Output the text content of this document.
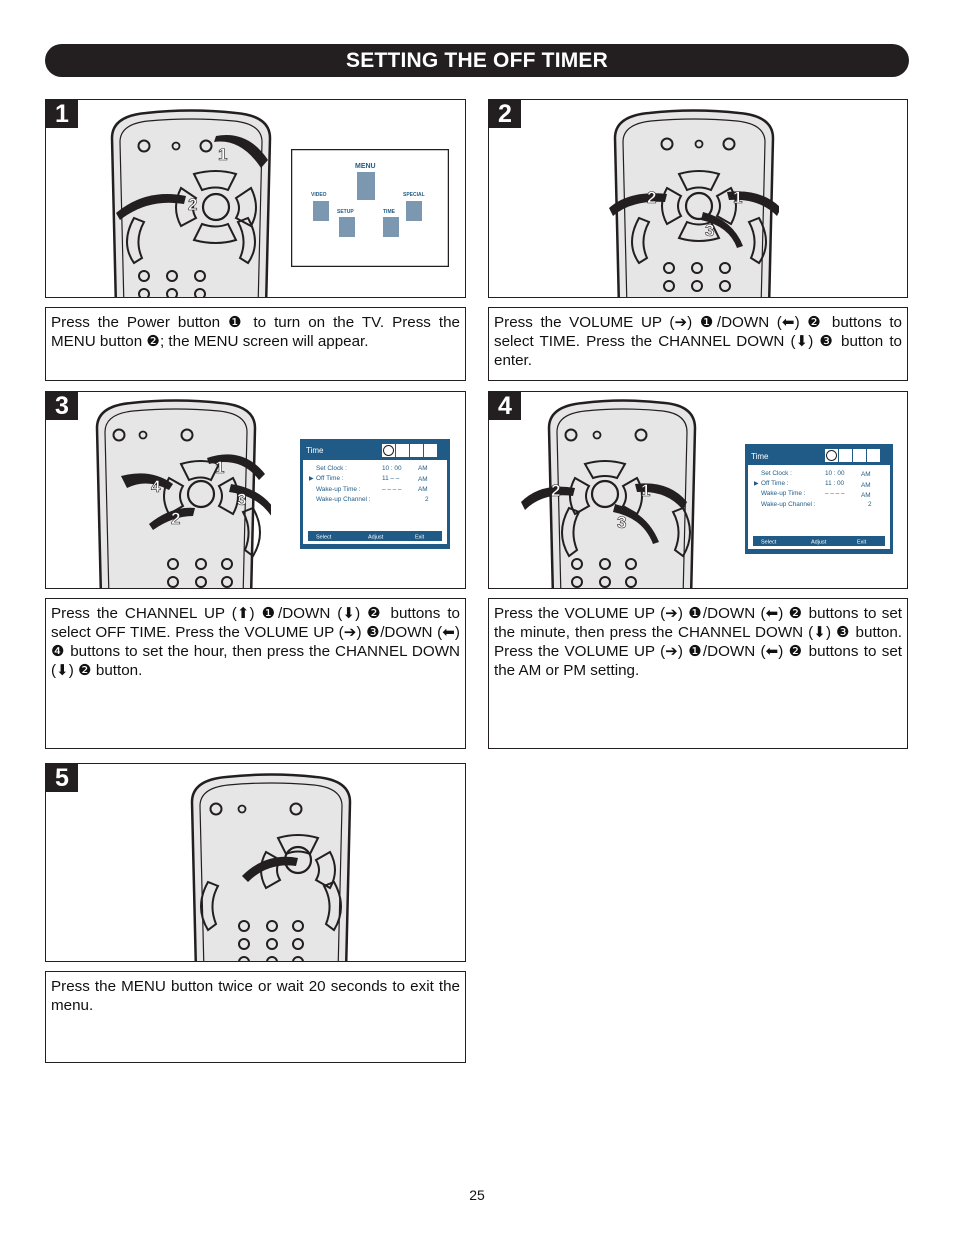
SETTING THE OFF TIMER
1
1
2
MENU
VIDEO
SETUP	TIME
SPECIAL
Press the Power button ❶ to turn on the TV. Press the MENU button ❷; the MENU screen will appear.
2
2	1
3
Press the VOLUME UP (➔) ❶/DOWN (⬅) ❷ buttons to select TIME. Press the CHANNEL DOWN (⬇) ❸ button to enter.
3
1
4
3
2
Time
Set Clock :	10 : 00	AM
▶ Off Time :	11 – –	AM
Wake-up Time :	– – – –	AM
Wake-up Channel :	2
Select	Adjust	Exit
Press the CHANNEL UP (⬆) ❶/DOWN (⬇) ❷ buttons to select OFF TIME. Press the VOLUME UP (➔) ❸/DOWN (⬅) ❹ buttons to set the hour, then press the CHANNEL DOWN (⬇) ❷ button.
4
2	1
3
Time
Set Clock :	10 : 00	AM
▶ Off Time :	11 : 00	AM
Wake-up Time :	– – – –	AM
Wake-up Channel :	2
Select	Adjust	Exit
Press the VOLUME UP (➔) ❶/DOWN (⬅) ❷ buttons to set the minute, then press the CHANNEL DOWN (⬇) ❸ button. Press the VOLUME UP (➔) ❶/DOWN (⬅) ❷ buttons to set the AM or PM setting.
5
Press the MENU button twice or wait 20 seconds to exit the menu.
25
